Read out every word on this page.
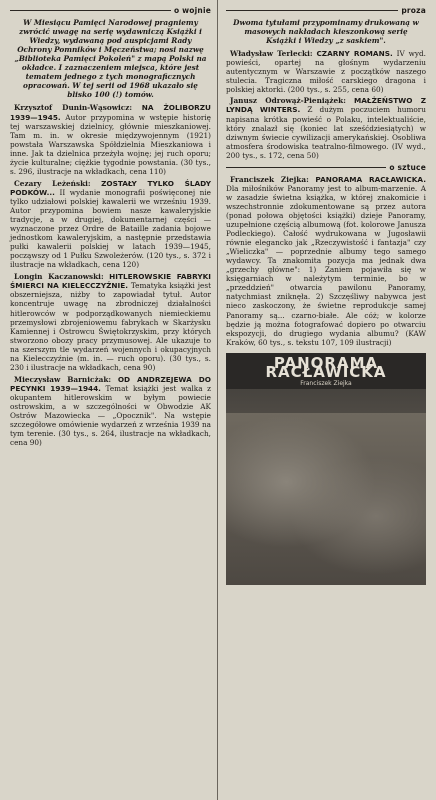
o wojnie

W Miesiącu Pamięci Narodowej pragniemy zwrócić uwagę na serię wydawniczą Książki i Wiedzy, wydawaną pod auspicjami Rady Ochrony Pomników i Męczeństwa; nosi nazwę „Biblioteka Pamięci Pokoleń" z mapą Polski na okładce. I zaznaczeniem miejsca, które jest tematem jednego z tych monograficznych opracowań. W tej serii od 1968 ukazało się blisko 100 (!) tomów.

Krzysztof Dunin-Wąsowicz: NA ŻOLIBORZU 1939—1945. Autor przypomina w wstępie historię tej warszawskiej dzielnicy, głównie mieszkaniowej. Tam m. in. w okresie międzywojennym (1921) powstała Warszawska Spółdzielnia Mieszkaniowa i inne. Jak ta dzielnica przeżyła wojnę; jej ruch oporu; życie kulturalne; ciężkie tygodnie powstania. (30 tys., s. 296, ilustracje na wkładkach, cena 110)
Cezary Leżeński: ZOSTAŁY TYLKO ŚLADY PODKÓW... II wydanie monografii poświęconej nie tylko udziałowi polskiej kawalerii we wrześniu 1939. Autor przypomina bowiem nasze kawaleryjskie tradycje, a w drugiej, dokumentarnej części — wyznaczone przez Ordre de Bataille zadania bojowe jednostkom kawaleryjskim, a następnie przedstawia pułki kawalerii polskiej w latach 1939—1945, począwszy od 1 Pułku Szwoleżerów. (120 tys., s. 372 i ilustracje na wkładkach, cena 120)
Longin Kaczanowski: HITLEROWSKIE FABRYKI ŚMIERCI NA KIELECCZYŹNIE. Tematyka książki jest obszerniejsza, niżby to zapowiadał tytuł. Autor koncentruje uwagę na zbrodniczej działalności hitlerowców w podporządkowanych niemieckiemu przemysłowi zbrojeniowemu fabrykach w Skarżysku Kamiennej i Ostrowcu Świętokrzyskim, przy których stworzono obozy pracy przymusowej. Ale ukazuje to na szerszym tle wydarzeń wojennych i okupacyjnych na Kielecczyźnie (m. in. — ruch oporu). (30 tys., s. 230 i ilustracje na wkładkach, cena 90)
Mieczysław Barnicżak: OD ANDRZEJEWA DO PECYNKI 1939—1944. Temat książki jest walka z okupantem hitlerowskim w byłym powiecie ostrowskim, a w szczególności w Obwodzie AK Ostrów Mazowiecka — „Opocznik". Na wstępie szczegółowe omówienie wydarzeń z września 1939 na tym terenie. (30 tys., s. 264, ilustracje na wkładkach, cena 90)
proza

Dwoma tytułami przypominamy drukowaną w masowych nakładach kieszonkową serię Książki i Wiedzy „z saskiem".

Władysław Terlecki: CZARNY ROMANS. IV wyd. powieści, opartej na głośnym wydarzeniu autentycznym w Warszawie z początków naszego stulecia. Tragiczna miłość carskiego dragona i polskiej aktorki. (200 tys., s. 255, cena 60)
Janusz Odrowąż-Pieniążek: MAŁŻEŃSTWO Z LYNDĄ WINTERS. Z dużym poczuciem humoru napisana krótka powieść o Polaku, intelektualiście, który znalazł się (koniec lat sześćdziesiątych) w dziwnym świecie cywilizacji amerykańskiej. Osobliwa atmosfera środowiska teatralno-filmowego. (IV wyd., 200 tys., s. 172, cena 50)
o sztuce
Franciszek Ziejka: PANORAMA RACŁAWICKA. Dla miłośników Panoramy jest to album-marzenie. A w zasadzie świetna książka, w której znakomicie i wszechstronnie zdokumentowane są przez autora (ponad połowa objętości książki) dzieje Panoramy, uzupełnione częścią albumową (fot. kolorowe Janusza Podleckiego). Całość wydrukowana w Jugosławii równie elegancko jak „Rzeczywistość i fantazja" czy „Wieliczka" — poprzednie albumy tego samego wydawcy. Ta znakomita pozycja ma jednak dwa „grzechy główne": 1) Zaniem pojawiła się w księgarniach w należytym terminie, bo w „przeddzień" otwarcia pawilonu Panoramy, natychmiast zniknęła. 2) Szczęśliwy nabywca jest nieco zaskoczony, że świetne reprodukcje samej Panoramy są... czarno-białe. Ale cóż; w kolorze będzie ją można fotografować dopiero po otwarciu ekspozycji, do drugiego wydania albumu? (KAW Kraków, 60 tys., s. tekstu 107, 109 ilustracji)
PANORAMA RACŁAWICKA
Franciszek Ziejka
